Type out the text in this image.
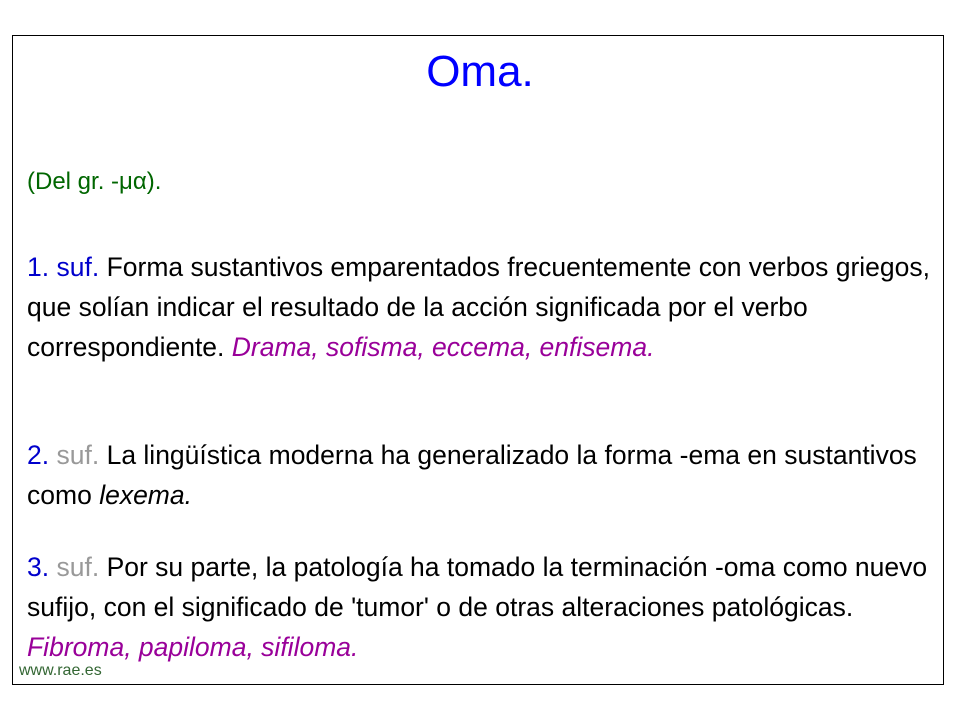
Oma.

(Del gr. -μα).

1. suf. Forma sustantivos emparentados frecuentemente con verbos griegos, que solían indicar el resultado de la acción significada por el verbo correspondiente. Drama, sofisma, eccema, enfisema.

2. suf. La lingüística moderna ha generalizado la forma -ema en sustantivos como lexema.

3. suf. Por su parte, la patología ha tomado la terminación -oma como nuevo sufijo, con el significado de 'tumor' o de otras alteraciones patológicas. Fibroma, papiloma, sifiloma.

www.rae.es
